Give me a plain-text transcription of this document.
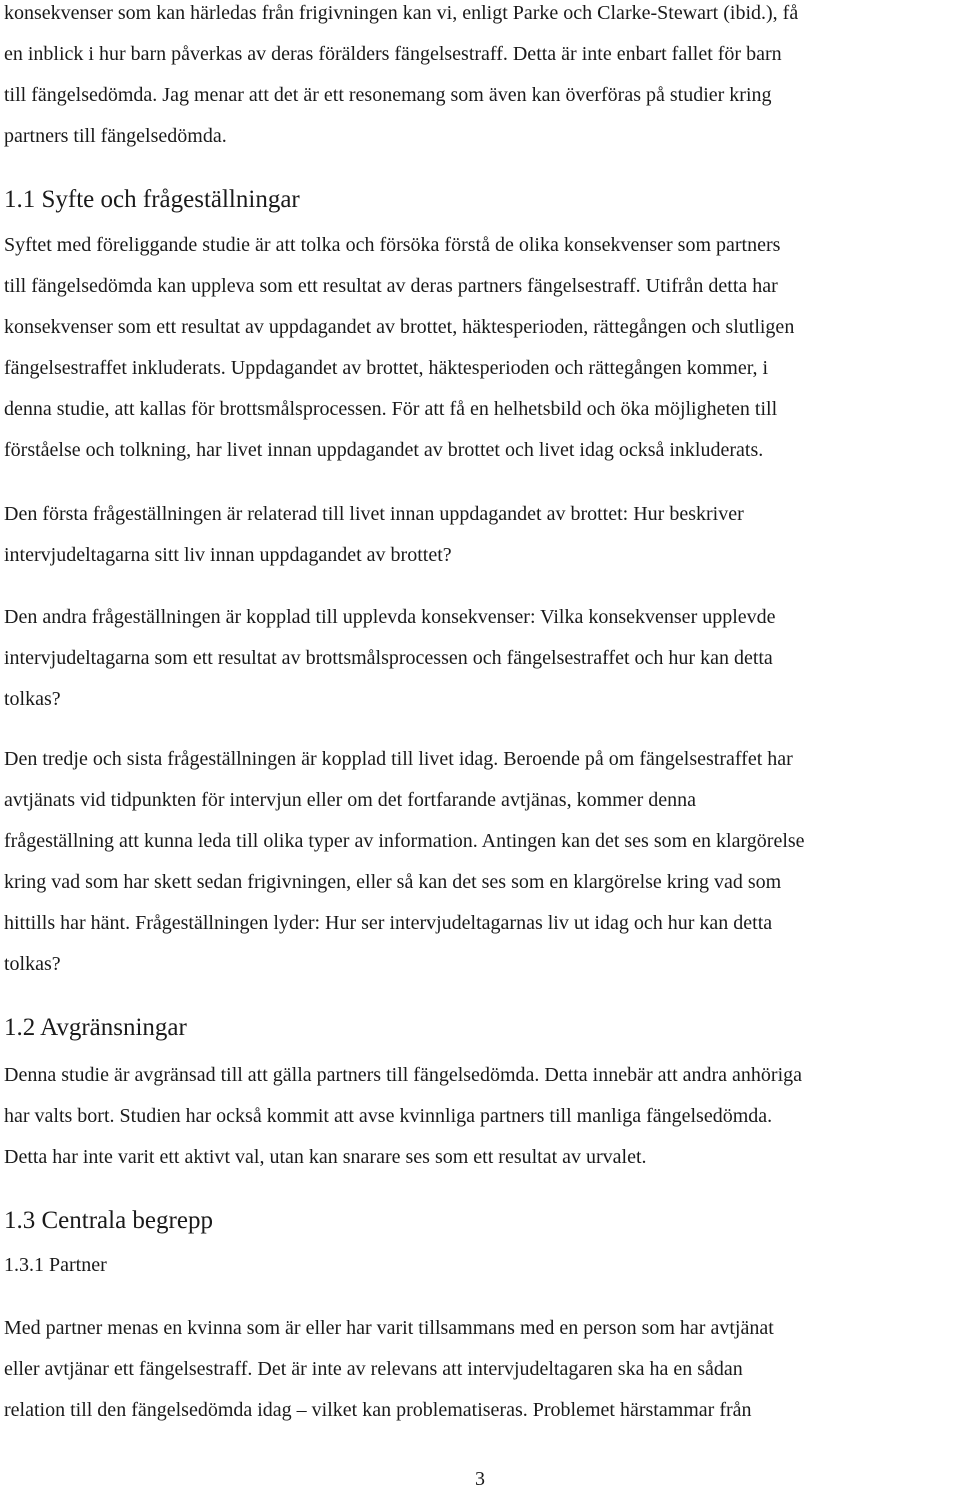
konsekvenser som kan härledas från frigivningen kan vi, enligt Parke och Clarke-Stewart (ibid.), få
en inblick i hur barn påverkas av deras förälders fängelsestraff. Detta är inte enbart fallet för barn
till fängelsedömda. Jag menar att det är ett resonemang som även kan överföras på studier kring
partners till fängelsedömda.
1.1 Syfte och frågeställningar
Syftet med föreliggande studie är att tolka och försöka förstå de olika konsekvenser som partners
till fängelsedömda kan uppleva som ett resultat av deras partners fängelsestraff. Utifrån detta har
konsekvenser som ett resultat av uppdagandet av brottet, häktesperioden, rättegången och slutligen
fängelsestraffet inkluderats. Uppdagandet av brottet, häktesperioden och rättegången kommer, i
denna studie, att kallas för brottsmålsprocessen. För att få en helhetsbild och öka möjligheten till
förståelse och tolkning, har livet innan uppdagandet av brottet och livet idag också inkluderats.
Den första frågeställningen är relaterad till livet innan uppdagandet av brottet: Hur beskriver
intervjudeltagarna sitt liv innan uppdagandet av brottet?
Den andra frågeställningen är kopplad till upplevda konsekvenser: Vilka konsekvenser upplevde
intervjudeltagarna som ett resultat av brottsmålsprocessen och fängelsestraffet och hur kan detta
tolkas?
Den tredje och sista frågeställningen är kopplad till livet idag. Beroende på om fängelsestraffet har
avtjänats vid tidpunkten för intervjun eller om det fortfarande avtjänas, kommer denna
frågeställning att kunna leda till olika typer av information. Antingen kan det ses som en klargörelse
kring vad som har skett sedan frigivningen, eller så kan det ses som en klargörelse kring vad som
hittills har hänt. Frågeställningen lyder: Hur ser intervjudeltagarnas liv ut idag och hur kan detta
tolkas?
1.2 Avgränsningar
Denna studie är avgränsad till att gälla partners till fängelsedömda. Detta innebär att andra anhöriga
har valts bort. Studien har också kommit att avse kvinnliga partners till manliga fängelsedömda.
Detta har inte varit ett aktivt val, utan kan snarare ses som ett resultat av urvalet.
1.3 Centrala begrepp
1.3.1 Partner
Med partner menas en kvinna som är eller har varit tillsammans med en person som har avtjänat
eller avtjänar ett fängelsestraff. Det är inte av relevans att intervjudeltagaren ska ha en sådan
relation till den fängelsedömda idag – vilket kan problematiseras. Problemet härstammar från
3
